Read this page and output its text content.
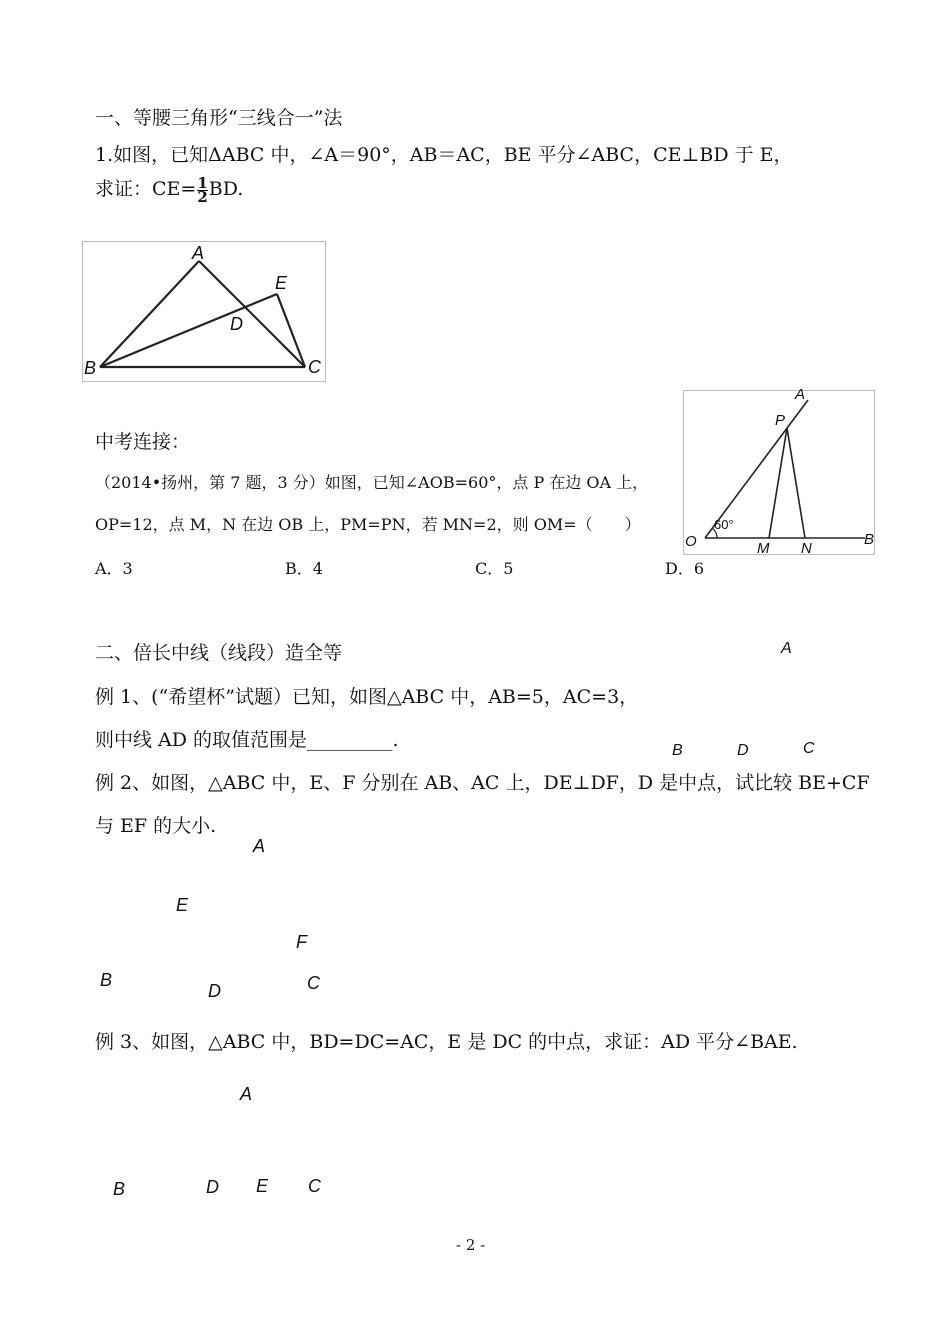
一、等腰三角形“三线合一”法
1.如图，已知ΔABC 中，∠A＝90°，AB＝AC，BE 平分∠ABC，CE⊥BD 于 E，
求证：$CE= \frac{1}{2}$ BD.
A
E
D
B	C
中考连接：
（2014•扬州，第 7 题，3 分）如图，已知∠AOB=60°，点 P 在边 OA 上，
OP=12，点 M，N 在边 OB 上，PM=PN，若 MN=2，则 OM=（　　）
A．3	B．4	C．5	D．6
A
P
60°
O	M N
B
二、倍长中线（线段）造全等
例 1、(“希望杯”试题）已知，如图△ABC 中，AB=5，AC=3，
则中线 AD 的取值范围是_________.
A
B	D	C
例 2、如图，△ABC 中，E、F 分别在 AB、AC 上，DE⊥DF，D 是中点，试比较 BE+CF
与 EF 的大小.
A
E
F
B
D	C
例 3、如图，△ABC 中，BD=DC=AC，E 是 DC 的中点，求证：AD 平分∠BAE.
A
B	D E C
- 2 -
